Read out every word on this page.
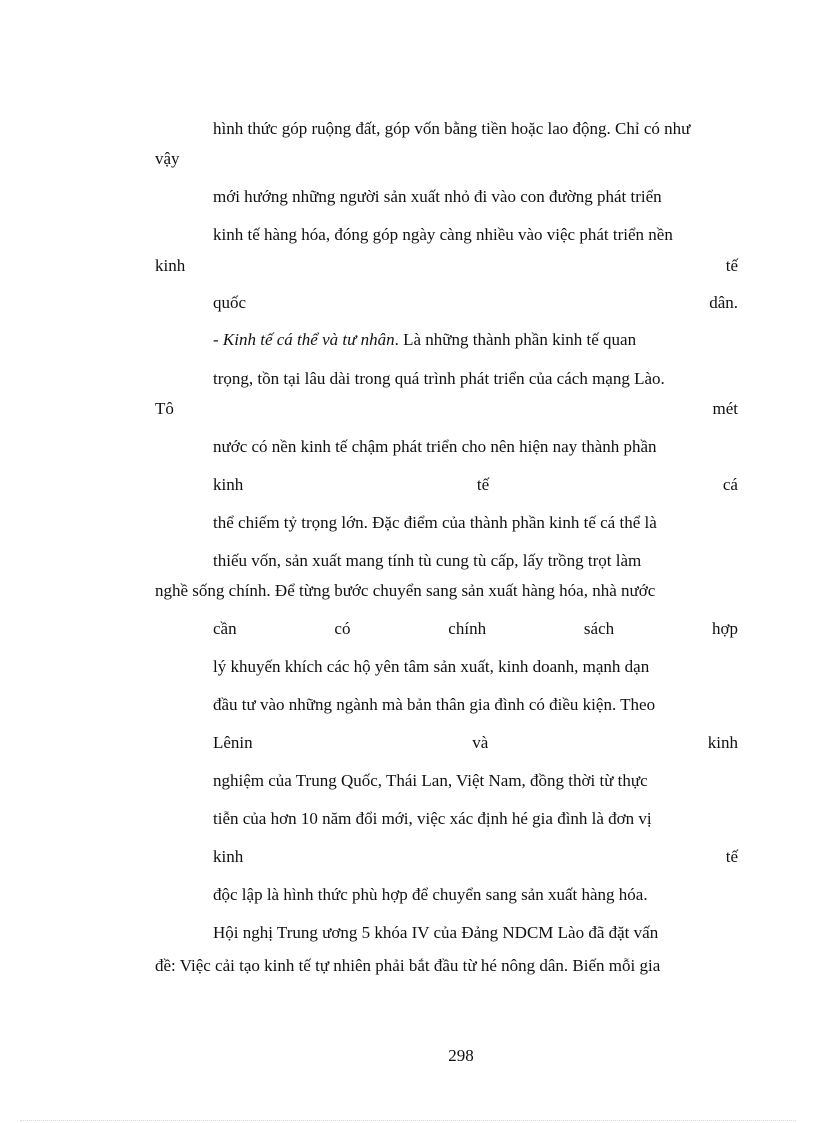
hình thức góp ruộng đất, góp vốn bằng tiền hoặc lao động. Chỉ có như
vậy
mới hướng những người sản xuất nhỏ đi vào con đường phát triển
kinh tế hàng hóa, đóng góp ngày càng nhiều vào việc phát triển nền
kinh	tế
quốc	dân.
- Kinh tế cá thể và tư nhân. Là những thành phần kinh tế quan
trọng, tồn tại lâu dài trong quá trình phát triển của cách mạng Lào.
Tô	mét
nước có nền kinh tế chậm phát triển cho nên hiện nay thành phần
kinh	tế	cá
thể chiếm tỷ trọng lớn. Đặc điểm của thành phần kinh tế cá thể là
thiếu vốn, sản xuất mang tính tù cung tù cấp, lấy trồng trọt làm
nghề sống chính. Để từng bước chuyển sang sản xuất hàng hóa, nhà nước
cần	có	chính	sách	hợp
lý khuyến khích các hộ yên tâm sản xuất, kinh doanh, mạnh dạn
đầu tư vào những ngành mà bản thân gia đình có điều kiện. Theo
Lênin	và	kinh
nghiệm của Trung Quốc, Thái Lan, Việt Nam, đồng thời từ thực
tiễn của hơn 10 năm đổi mới, việc xác định hé gia đình là đơn vị
kinh	tế
độc lập là hình thức phù hợp để chuyển sang sản xuất hàng hóa.
Hội nghị Trung ương 5 khóa IV của Đảng NDCM Lào đã đặt vấn
đề: Việc cải tạo kinh tế tự nhiên phải bắt đầu từ hé nông dân. Biến mỗi gia
298
